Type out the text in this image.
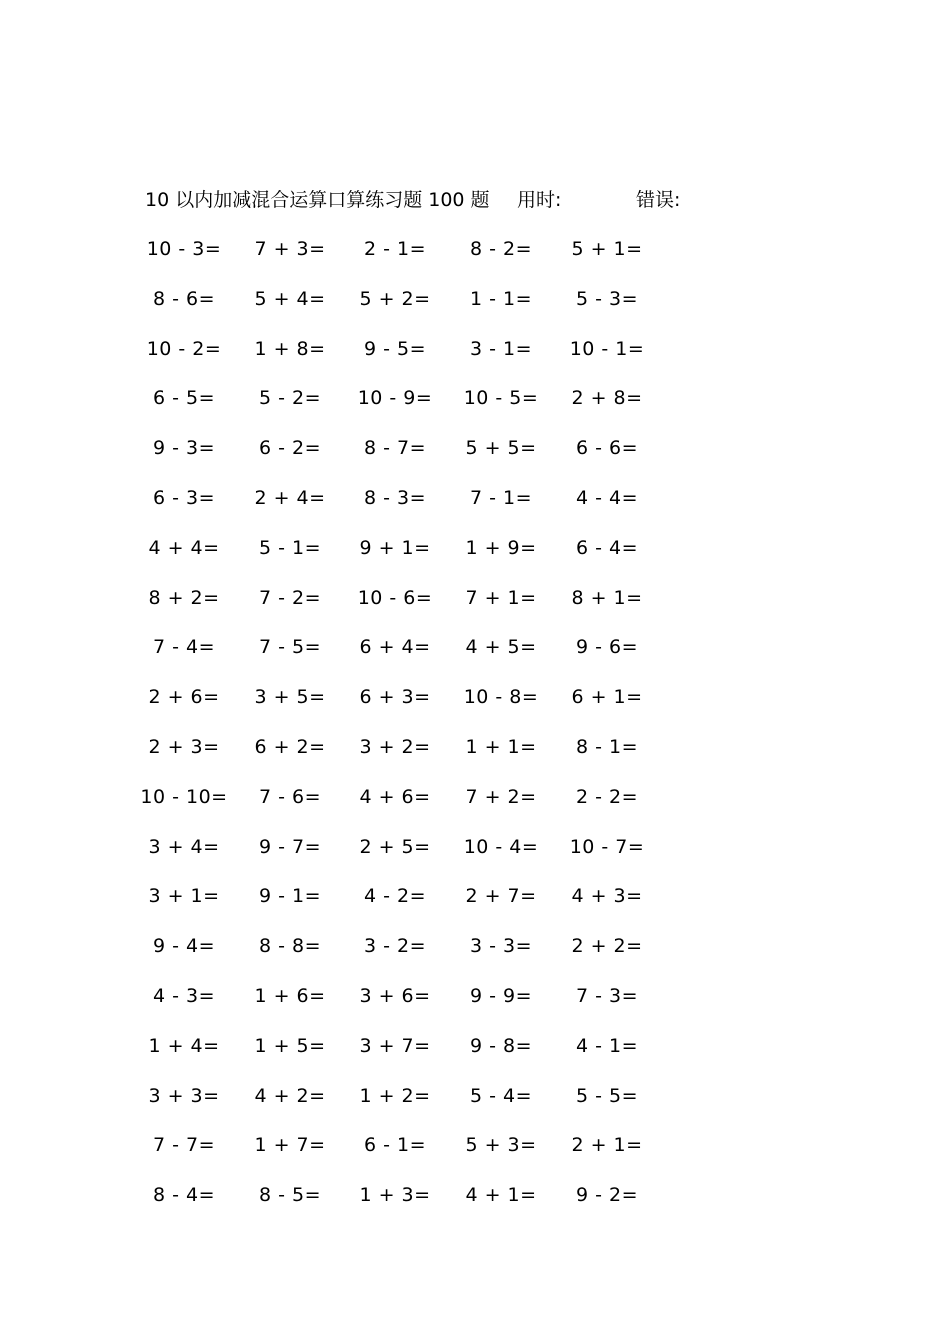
10 以内加减混合运算口算练习题 100 题 用时:	错误:
10 - 3=	7 + 3=	2 - 1=	8 - 2=	5 + 1=
8 - 6=	5 + 4=	5 + 2=	1 - 1=	5 - 3=
10 - 2=	1 + 8=	9 - 5=	3 - 1=	10 - 1=
6 - 5=	5 - 2=	10 - 9=	10 - 5=	2 + 8=
9 - 3=	6 - 2=	8 - 7=	5 + 5=	6 - 6=
6 - 3=	2 + 4=	8 - 3=	7 - 1=	4 - 4=
4 + 4=	5 - 1=	9 + 1=	1 + 9=	6 - 4=
8 + 2=	7 - 2=	10 - 6=	7 + 1=	8 + 1=
7 - 4=	7 - 5=	6 + 4=	4 + 5=	9 - 6=
2 + 6=	3 + 5=	6 + 3=	10 - 8=	6 + 1=
2 + 3=	6 + 2=	3 + 2=	1 + 1=	8 - 1=
10 - 10=	7 - 6=	4 + 6=	7 + 2=	2 - 2=
3 + 4=	9 - 7=	2 + 5=	10 - 4=	10 - 7=
3 + 1=	9 - 1=	4 - 2=	2 + 7=	4 + 3=
9 - 4=	8 - 8=	3 - 2=	3 - 3=	2 + 2=
4 - 3=	1 + 6=	3 + 6=	9 - 9=	7 - 3=
1 + 4=	1 + 5=	3 + 7=	9 - 8=	4 - 1=
3 + 3=	4 + 2=	1 + 2=	5 - 4=	5 - 5=
7 - 7=	1 + 7=	6 - 1=	5 + 3=	2 + 1=
8 - 4=	8 - 5=	1 + 3=	4 + 1=	9 - 2=
